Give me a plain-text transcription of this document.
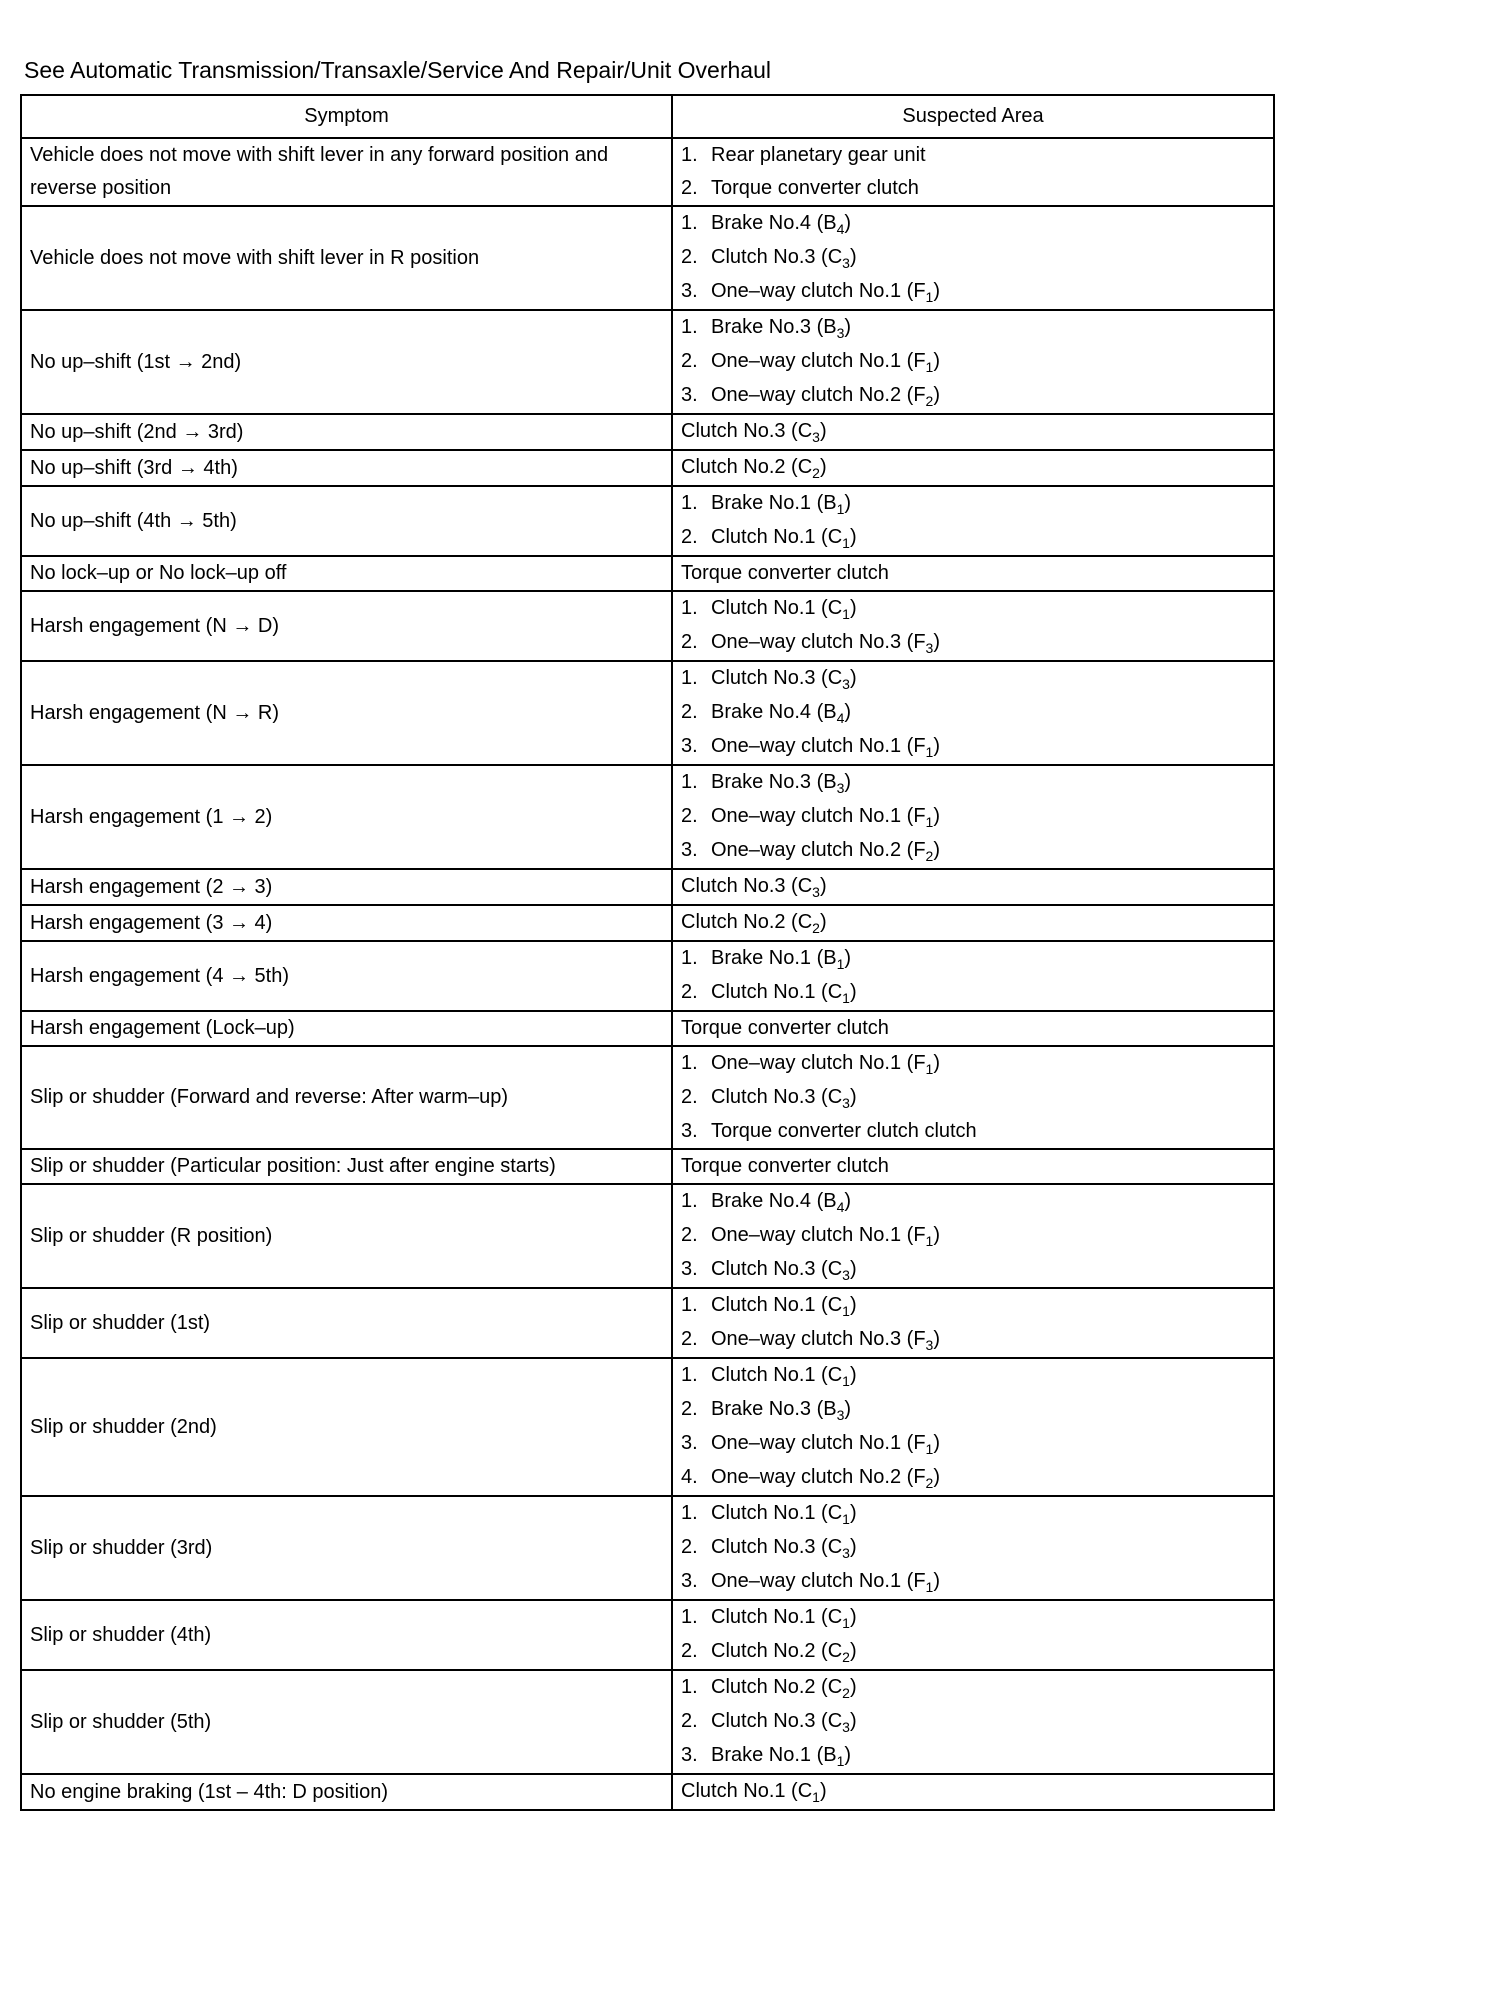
See Automatic Transmission/Transaxle/Service And Repair/Unit Overhaul
Symptom	Suspected Area
Vehicle does not move with shift lever in any forward position and reverse position	1. Rear planetary gear unit
2. Torque converter clutch

Vehicle does not move with shift lever in R position	1. Brake No.4 $(B_4)$
2. Clutch No.3 $(C_3)$
3. One–way clutch No.1 $(F_1)$

No up–shift (1st → 2nd)	1. Brake No.3 $(B_3)$
2. One–way clutch No.1 $(F_1)$
3. One–way clutch No.2 $(F_2)$

No up–shift (2nd → 3rd)	Clutch No.3 $(C_3)$

No up–shift (3rd → 4th)	Clutch No.2 $(C_2)$

No up–shift (4th → 5th)	1. Brake No.1 $(B_1)$
2. Clutch No.1 $(C_1)$

No lock–up or No lock–up off	Torque converter clutch

Harsh engagement (N → D)	1. Clutch No.1 $(C_1)$
2. One–way clutch No.3 $(F_3)$

Harsh engagement (N → R)	1. Clutch No.3 $(C_3)$
2. Brake No.4 $(B_4)$
3. One–way clutch No.1 $(F_1)$

Harsh engagement (1 → 2)	1. Brake No.3 $(B_3)$
2. One–way clutch No.1 $(F_1)$
3. One–way clutch No.2 $(F_2)$

Harsh engagement (2 → 3)	Clutch No.3 $(C_3)$

Harsh engagement (3 → 4)	Clutch No.2 $(C_2)$

Harsh engagement (4 → 5th)	1. Brake No.1 $(B_1)$
2. Clutch No.1 $(C_1)$

Harsh engagement (Lock–up)	Torque converter clutch

Slip or shudder (Forward and reverse: After warm–up)	1. One–way clutch No.1 $(F_1)$
2. Clutch No.3 $(C_3)$
3. Torque converter clutch clutch

Slip or shudder (Particular position: Just after engine starts)	Torque converter clutch

Slip or shudder (R position)	1. Brake No.4 $(B_4)$
2. One–way clutch No.1 $(F_1)$
3. Clutch No.3 $(C_3)$

Slip or shudder (1st)	1. Clutch No.1 $(C_1)$
2. One–way clutch No.3 $(F_3)$

Slip or shudder (2nd)	1. Clutch No.1 $(C_1)$
2. Brake No.3 $(B_3)$
3. One–way clutch No.1 $(F_1)$
4. One–way clutch No.2 $(F_2)$

Slip or shudder (3rd)	1. Clutch No.1 $(C_1)$
2. Clutch No.3 $(C_3)$
3. One–way clutch No.1 $(F_1)$

Slip or shudder (4th)	1. Clutch No.1 $(C_1)$
2. Clutch No.2 $(C_2)$

Slip or shudder (5th)	1. Clutch No.2 $(C_2)$
2. Clutch No.3 $(C_3)$
3. Brake No.1 $(B_1)$

No engine braking (1st – 4th: D position)	Clutch No.1 $(C_1)$
